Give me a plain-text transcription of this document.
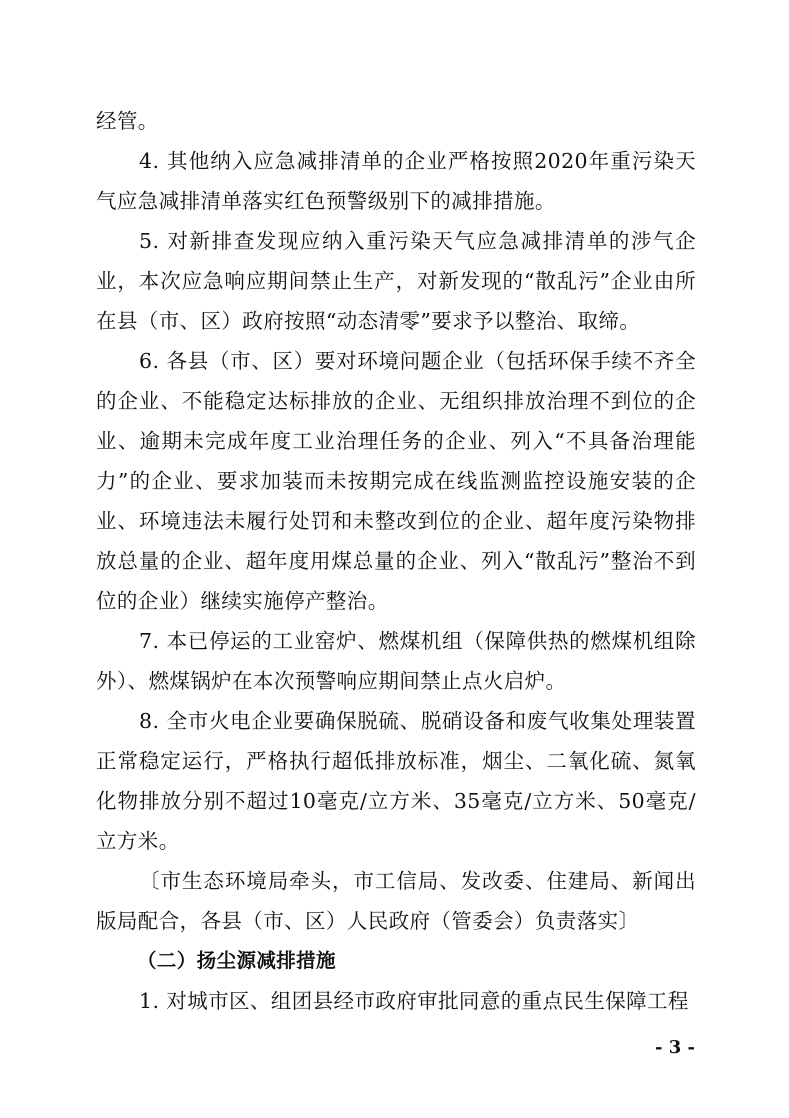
经管。

4. 其他纳入应急减排清单的企业严格按照2020年重污染天气应急减排清单落实红色预警级别下的减排措施。

5. 对新排查发现应纳入重污染天气应急减排清单的涉气企业，本次应急响应期间禁止生产，对新发现的“散乱污”企业由所在县（市、区）政府按照“动态清零”要求予以整治、取缔。

6. 各县（市、区）要对环境问题企业（包括环保手续不齐全的企业、不能稳定达标排放的企业、无组织排放治理不到位的企业、逾期未完成年度工业治理任务的企业、列入“不具备治理能力”的企业、要求加装而未按期完成在线监测监控设施安装的企业、环境违法未履行处罚和未整改到位的企业、超年度污染物排放总量的企业、超年度用煤总量的企业、列入“散乱污”整治不到位的企业）继续实施停产整治。

7. 本已停运的工业窑炉、燃煤机组（保障供热的燃煤机组除外）、燃煤锅炉在本次预警响应期间禁止点火启炉。

8. 全市火电企业要确保脱硫、脱硝设备和废气收集处理装置正常稳定运行，严格执行超低排放标准，烟尘、二氧化硫、氮氧化物排放分别不超过10毫克/立方米、35毫克/立方米、50毫克/立方米。

〔市生态环境局牵头，市工信局、发改委、住建局、新闻出版局配合，各县（市、区）人民政府（管委会）负责落实〕

（二）扬尘源减排措施

1. 对城市区、组团县经市政府审批同意的重点民生保障工程

- 3 -
